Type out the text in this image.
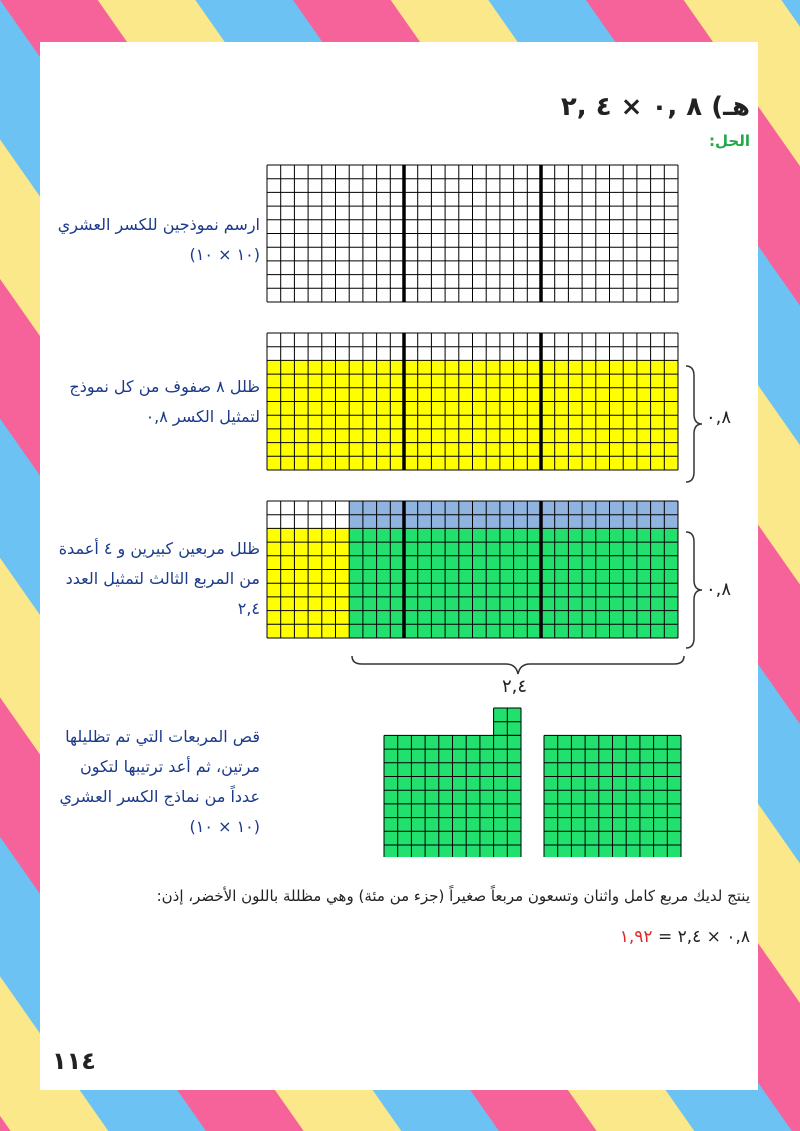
هـ) ٨ ,٠ × ٤ ,٢
الحل:
ارسم نموذجين للكسر العشري
(١٠ × ١٠)
ظلل ٨ صفوف من كل نموذج
لتمثيل الكسر ٠,٨
ظلل مربعين كبيرين و ٤ أعمدة
من المربع الثالث لتمثيل العدد
٢,٤
قص المربعات التي تم تظليلها
مرتين، ثم أعد ترتيبها لتكون
عدداً من نماذج الكسر العشري
(١٠ × ١٠)
٠,٨
٠,٨
٢,٤
ينتج لديك مربع كامل واثنان وتسعون مربعاً صغيراً (جزء من مئة) وهي مظللة باللون الأخضر، إذن:
٠,٨ × ٢,٤ = ١,٩٢
١١٤
